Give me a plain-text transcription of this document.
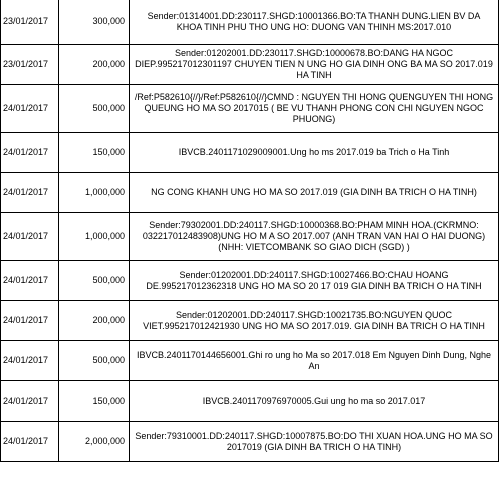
23/01/2017	300,000	Sender:01314001.DD:230117.SHGD:10001366.BO:TA THANH DUNG.LIEN BV DA KHOA TINH PHU THO UNG HO: DUONG VAN THINH MS:2017.010
23/01/2017	200,000	Sender:01202001.DD:230117.SHGD:10000678.BO:DANG HA NGOC DIEP.995217012301197 CHUYEN TIEN N UNG HO GIA DINH ONG BA MA SO 2017.019 HA TINH
24/01/2017	500,000	/Ref:P582610{//}/Ref:P582610{//}CMND : NGUYEN THI HONG QUENGUYEN THI HONG QUEUNG HO MA SO 2017015 ( BE VU THANH PHONG CON CHI NGUYEN NGOC PHUONG)
24/01/2017	150,000	IBVCB.2401171029009001.Ung ho ms 2017.019 ba Trich o Ha Tinh
24/01/2017	1,000,000	NG CONG KHANH UNG HO MA SO 2017.019 (GIA DINH BA TRICH O HA TINH)
24/01/2017	1,000,000	Sender:79302001.DD:240117.SHGD:10000368.BO:PHAM MINH HOA.(CKRMNO: 032217012483908)UNG HO M A SO 2017.007 (ANH TRAN VAN HAI O HAI DUONG) (NHH: VIETCOMBANK SO GIAO DICH (SGD) )
24/01/2017	500,000	Sender:01202001.DD:240117.SHGD:10027466.BO:CHAU HOANG DE.995217012362318 UNG HO MA SO 20 17 019 GIA DINH BA TRICH O HA TINH
24/01/2017	200,000	Sender:01202001.DD:240117.SHGD:10021735.BO:NGUYEN QUOC VIET.995217012421930 UNG HO MA SO 2017.019. GIA DINH BA TRICH O HA TINH
24/01/2017	500,000	IBVCB.2401170144656001.Ghi ro ung ho Ma so 2017.018 Em Nguyen Dinh Dung, Nghe An
24/01/2017	150,000	IBVCB.2401170976970005.Gui ung ho ma so 2017.017
24/01/2017	2,000,000	Sender:79310001.DD:240117.SHGD:10007875.BO:DO THI XUAN HOA.UNG HO MA SO 2017019 (GIA DINH BA TRICH O HA TINH)
